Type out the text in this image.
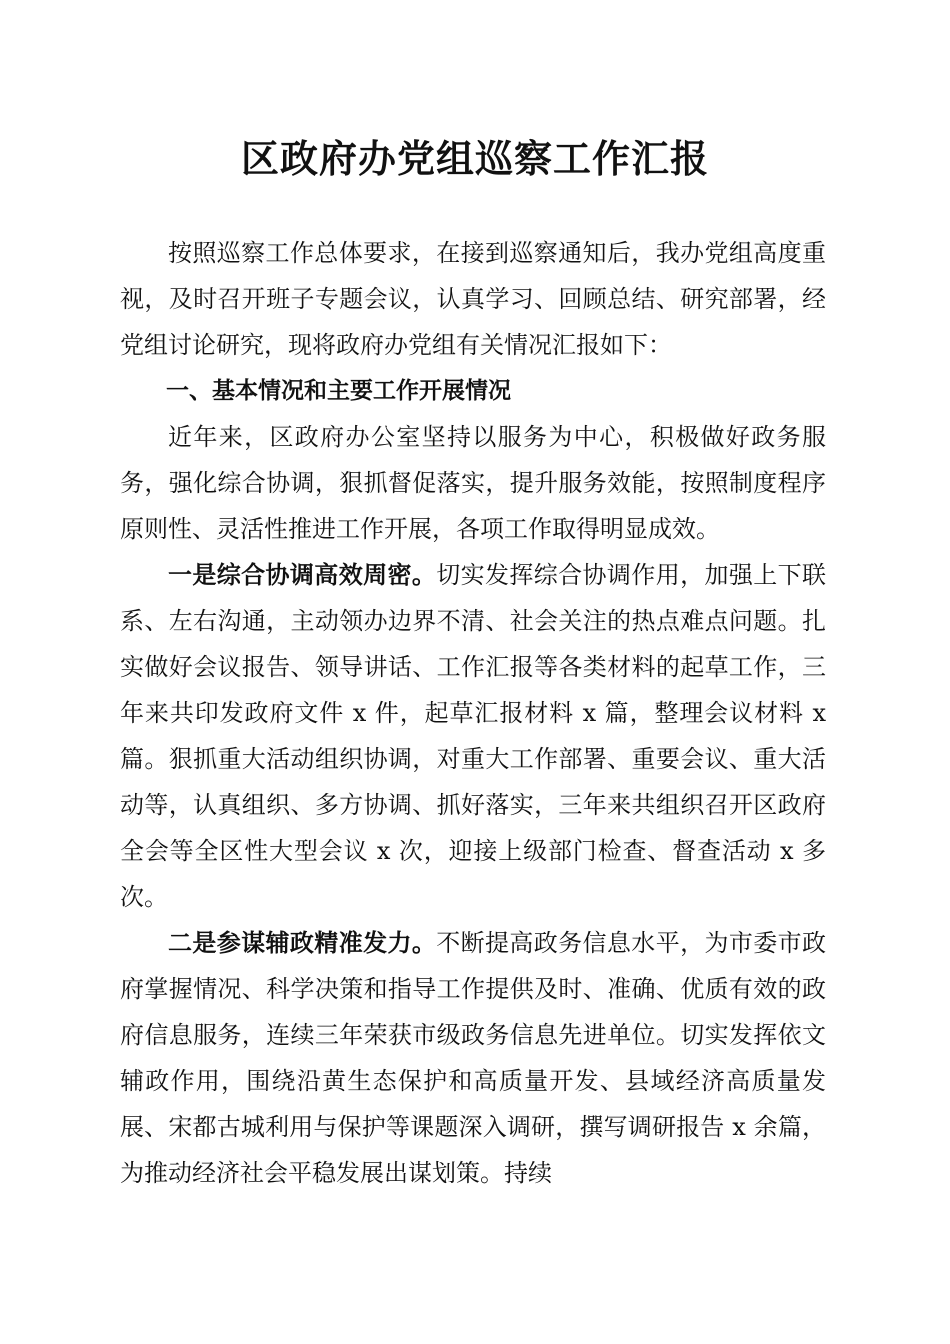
区政府办党组巡察工作汇报

按照巡察工作总体要求，在接到巡察通知后，我办党组高度重视，及时召开班子专题会议，认真学习、回顾总结、研究部署，经党组讨论研究，现将政府办党组有关情况汇报如下：

一、基本情况和主要工作开展情况

近年来，区政府办公室坚持以服务为中心，积极做好政务服务，强化综合协调，狠抓督促落实，提升服务效能，按照制度程序原则性、灵活性推进工作开展，各项工作取得明显成效。

一是综合协调高效周密。切实发挥综合协调作用，加强上下联系、左右沟通，主动领办边界不清、社会关注的热点难点问题。扎实做好会议报告、领导讲话、工作汇报等各类材料的起草工作，三年来共印发政府文件 x 件，起草汇报材料 x 篇，整理会议材料 x 篇。狠抓重大活动组织协调，对重大工作部署、重要会议、重大活动等，认真组织、多方协调、抓好落实，三年来共组织召开区政府全会等全区性大型会议 x 次，迎接上级部门检查、督查活动 x 多次。

二是参谋辅政精准发力。不断提高政务信息水平，为市委市政府掌握情况、科学决策和指导工作提供及时、准确、优质有效的政府信息服务，连续三年荣获市级政务信息先进单位。切实发挥依文辅政作用，围绕沿黄生态保护和高质量开发、县域经济高质量发展、宋都古城利用与保护等课题深入调研，撰写调研报告 x 余篇，为推动经济社会平稳发展出谋划策。持续
